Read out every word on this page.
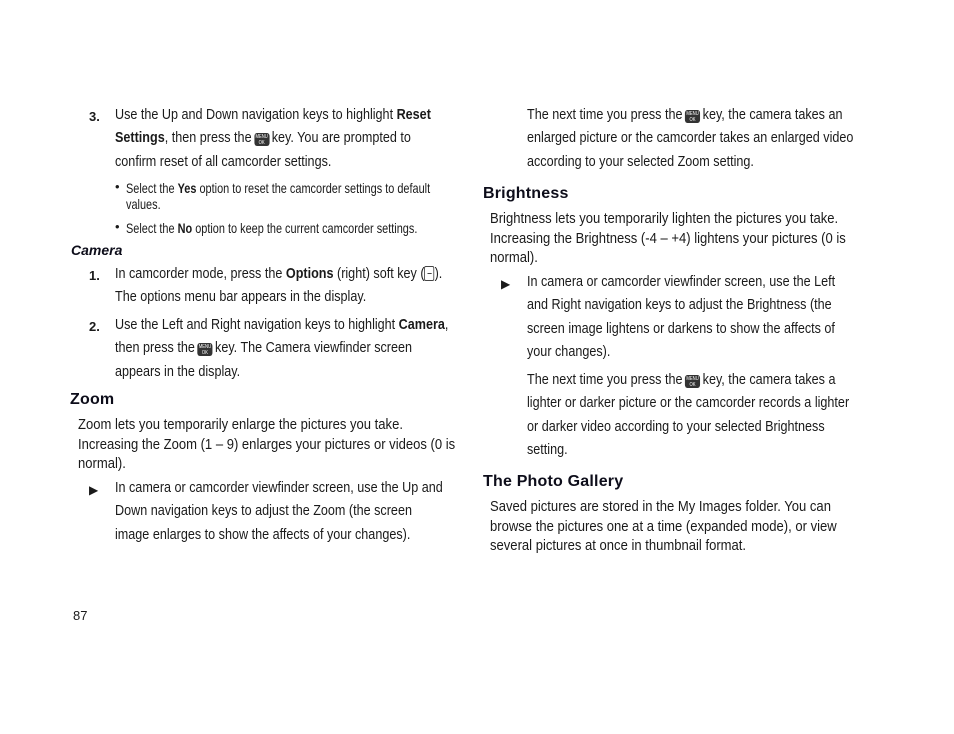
3. Use the Up and Down navigation keys to highlight Reset
Settings, then press the MENU
OK key. You are prompted to
confirm reset of all camcorder settings.
• Select the Yes option to reset the camcorder settings to default
values.
• Select the No option to keep the current camcorder settings.
Camera
1. In camcorder mode, press the Options (right) soft key ( ).
The options menu bar appears in the display.
2. Use the Left and Right navigation keys to highlight Camera,
then press the MENU
OK key. The Camera viewfinder screen
appears in the display.
Zoom
Zoom lets you temporarily enlarge the pictures you take.
Increasing the Zoom (1 – 9) enlarges your pictures or videos (0 is
normal).
▶ In camera or camcorder viewfinder screen, use the Up and
Down navigation keys to adjust the Zoom (the screen
image enlarges to show the affects of your changes).
The next time you press the MENU
OK key, the camera takes an
enlarged picture or the camcorder takes an enlarged video
according to your selected Zoom setting.
Brightness
Brightness lets you temporarily lighten the pictures you take.
Increasing the Brightness (-4 – +4) lightens your pictures (0 is
normal).
▶ In camera or camcorder viewfinder screen, use the Left
and Right navigation keys to adjust the Brightness (the
screen image lightens or darkens to show the affects of
your changes).
The next time you press the MENU
OK key, the camera takes a
lighter or darker picture or the camcorder records a lighter
or darker video according to your selected Brightness
setting.
The Photo Gallery
Saved pictures are stored in the My Images folder. You can
browse the pictures one at a time (expanded mode), or view
several pictures at once in thumbnail format.
87
